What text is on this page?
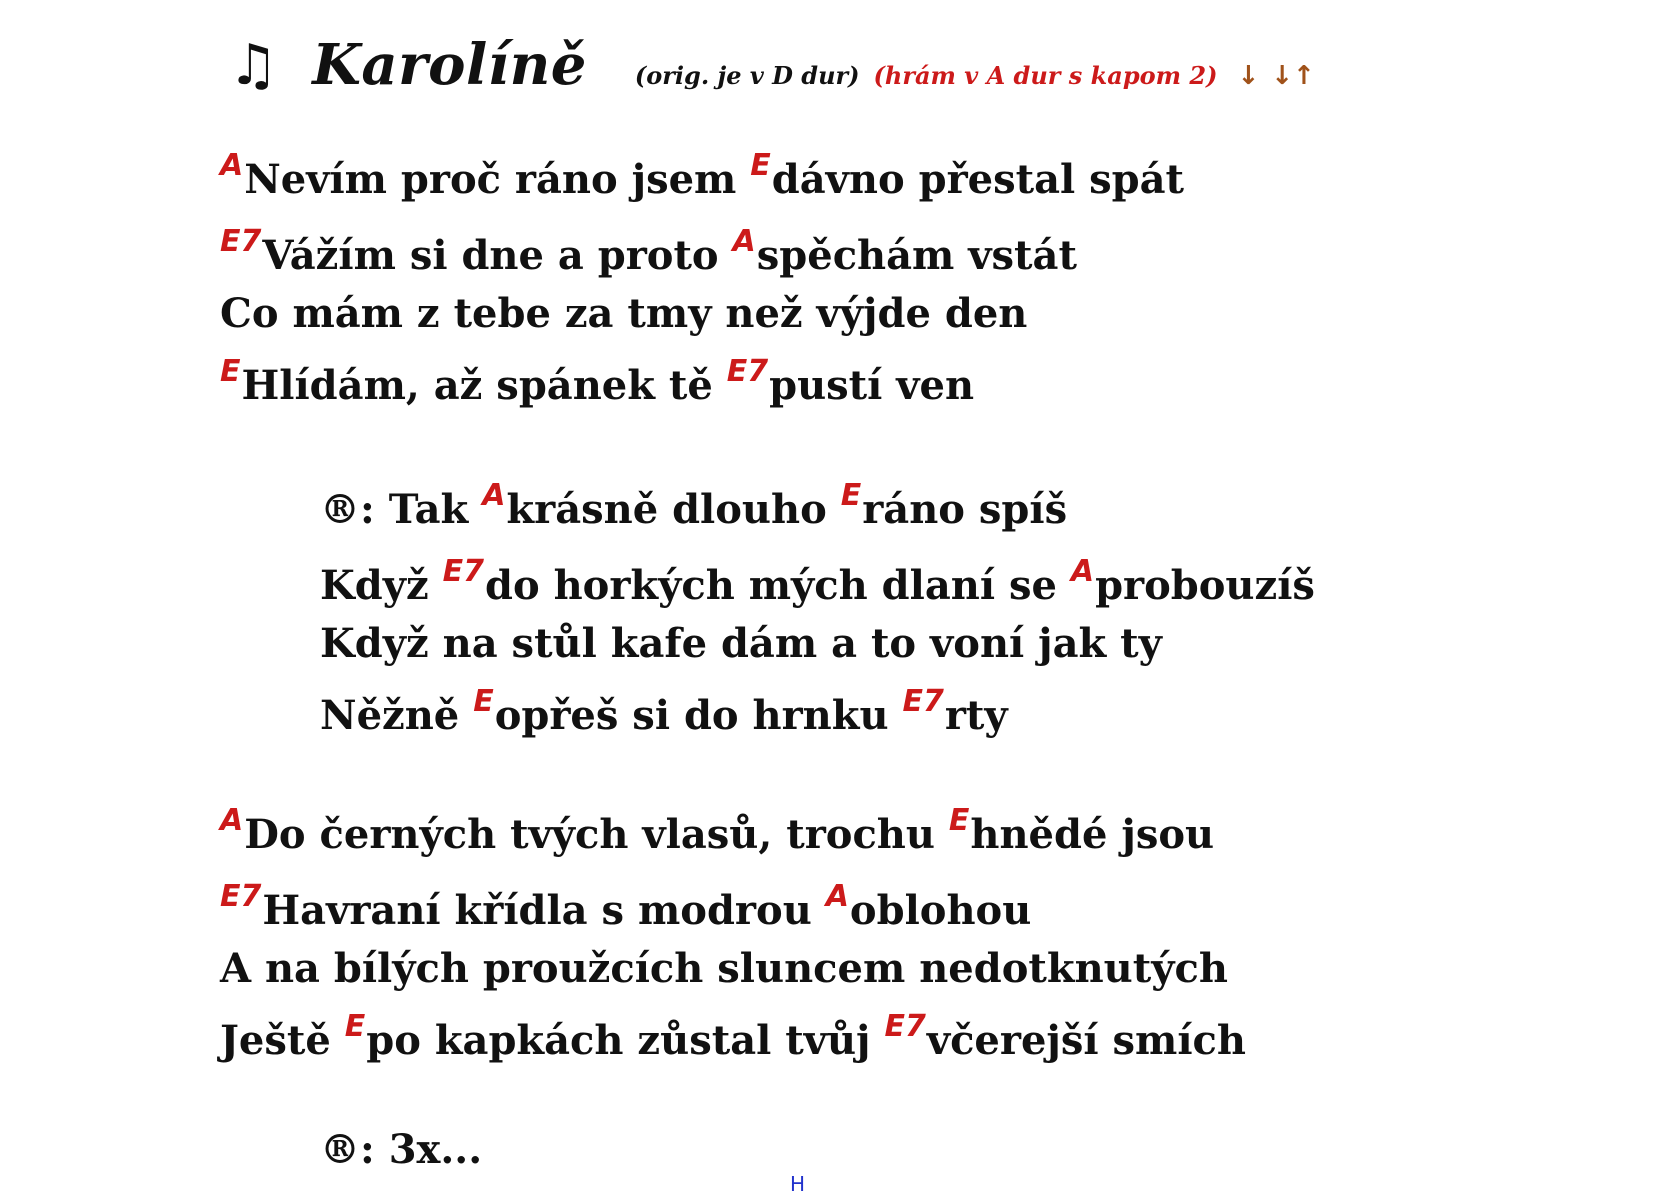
♫ Karolíně (orig. je v D dur) (hrám v A dur s kapom 2) ↓ ↓↑
$^A$Nevím proč ráno jsem $^E$dávno přestal spát
$^{E7}$Vážím si dne a proto $^A$spěchám vstát
Co mám z tebe za tmy než výjde den
$^E$Hlídám, až spánek tě $^{E7}$pustí ven
®: Tak $^A$krásně dlouho $^E$ráno spíš
Když $^{E7}$do horkých mých dlaní se $^A$probouzíš
Když na stůl kafe dám a to voní jak ty
Něžně $^E$opřeš si do hrnku $^{E7}$rty
$^A$Do černých tvých vlasů, trochu $^E$hnědé jsou
$^{E7}$Havraní křídla s modrou $^A$oblohou
A na bílých proužcích sluncem nedotknutých
Ještě $^E$po kapkách zůstal tvůj $^{E7}$včerejší smích
®: 3x...
H
